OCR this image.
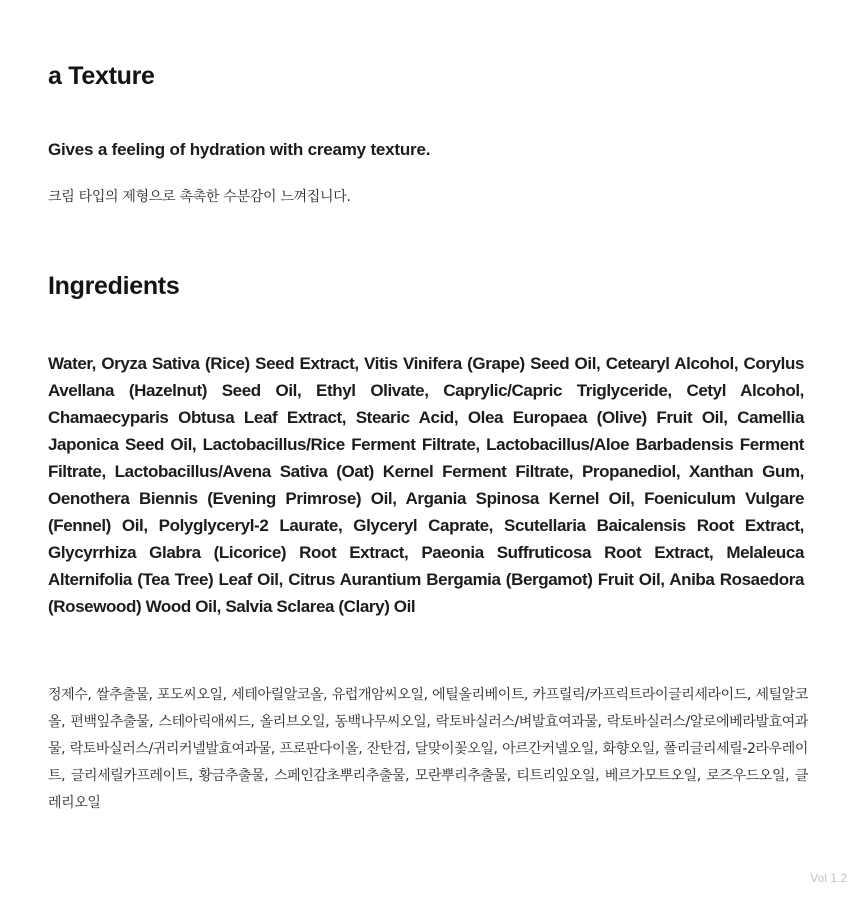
a Texture

Gives a feeling of hydration with creamy texture.

크림 타입의 제형으로 촉촉한 수분감이 느껴집니다.

Ingredients

Water, Oryza Sativa (Rice) Seed Extract, Vitis Vinifera (Grape) Seed Oil, Cetearyl Alcohol, Corylus Avellana (Hazelnut) Seed Oil, Ethyl Olivate, Caprylic/Capric Triglyceride, Cetyl Alcohol, Chamaecyparis Obtusa Leaf Extract, Stearic Acid, Olea Europaea (Olive) Fruit Oil, Camellia Japonica Seed Oil, Lactobacillus/Rice Ferment Filtrate, Lactobacillus/Aloe Barbadensis Ferment Filtrate, Lactobacillus/Avena Sativa (Oat) Kernel Ferment Filtrate, Propanediol, Xanthan Gum, Oenothera Biennis (Evening Primrose) Oil, Argania Spinosa Kernel Oil, Foeniculum Vulgare (Fennel) Oil, Polyglyceryl-2 Laurate, Glyceryl Caprate, Scutellaria Baicalensis Root Extract, Glycyrrhiza Glabra (Licorice) Root Extract, Paeonia Suffruticosa Root Extract, Melaleuca Alternifolia (Tea Tree) Leaf Oil, Citrus Aurantium Bergamia (Bergamot) Fruit Oil, Aniba Rosaedora (Rosewood) Wood Oil, Salvia Sclarea (Clary) Oil

정제수, 쌀추출물, 포도씨오일, 세테아릴알코올, 유럽개암씨오일, 에틸올리베이트, 카프릴릭/카프릭트라이글리세라이드, 세틸알코올, 편백잎추출물, 스테아릭애씨드, 올리브오일, 동백나무씨오일, 락토바실러스/벼발효여과물, 락토바실러스/알로에베라발효여과물, 락토바실러스/귀리커넬발효여과물, 프로판다이올, 잔탄검, 달맞이꽃오일, 아르간커넬오일, 화향오일, 폴리글리세릴-2라우레이트, 글리세릴카프레이트, 황금추출물, 스페인감초뿌리추출물, 모란뿌리추출물, 티트리잎오일, 베르가모트오일, 로즈우드오일, 클레리오일

Vol 1.2
